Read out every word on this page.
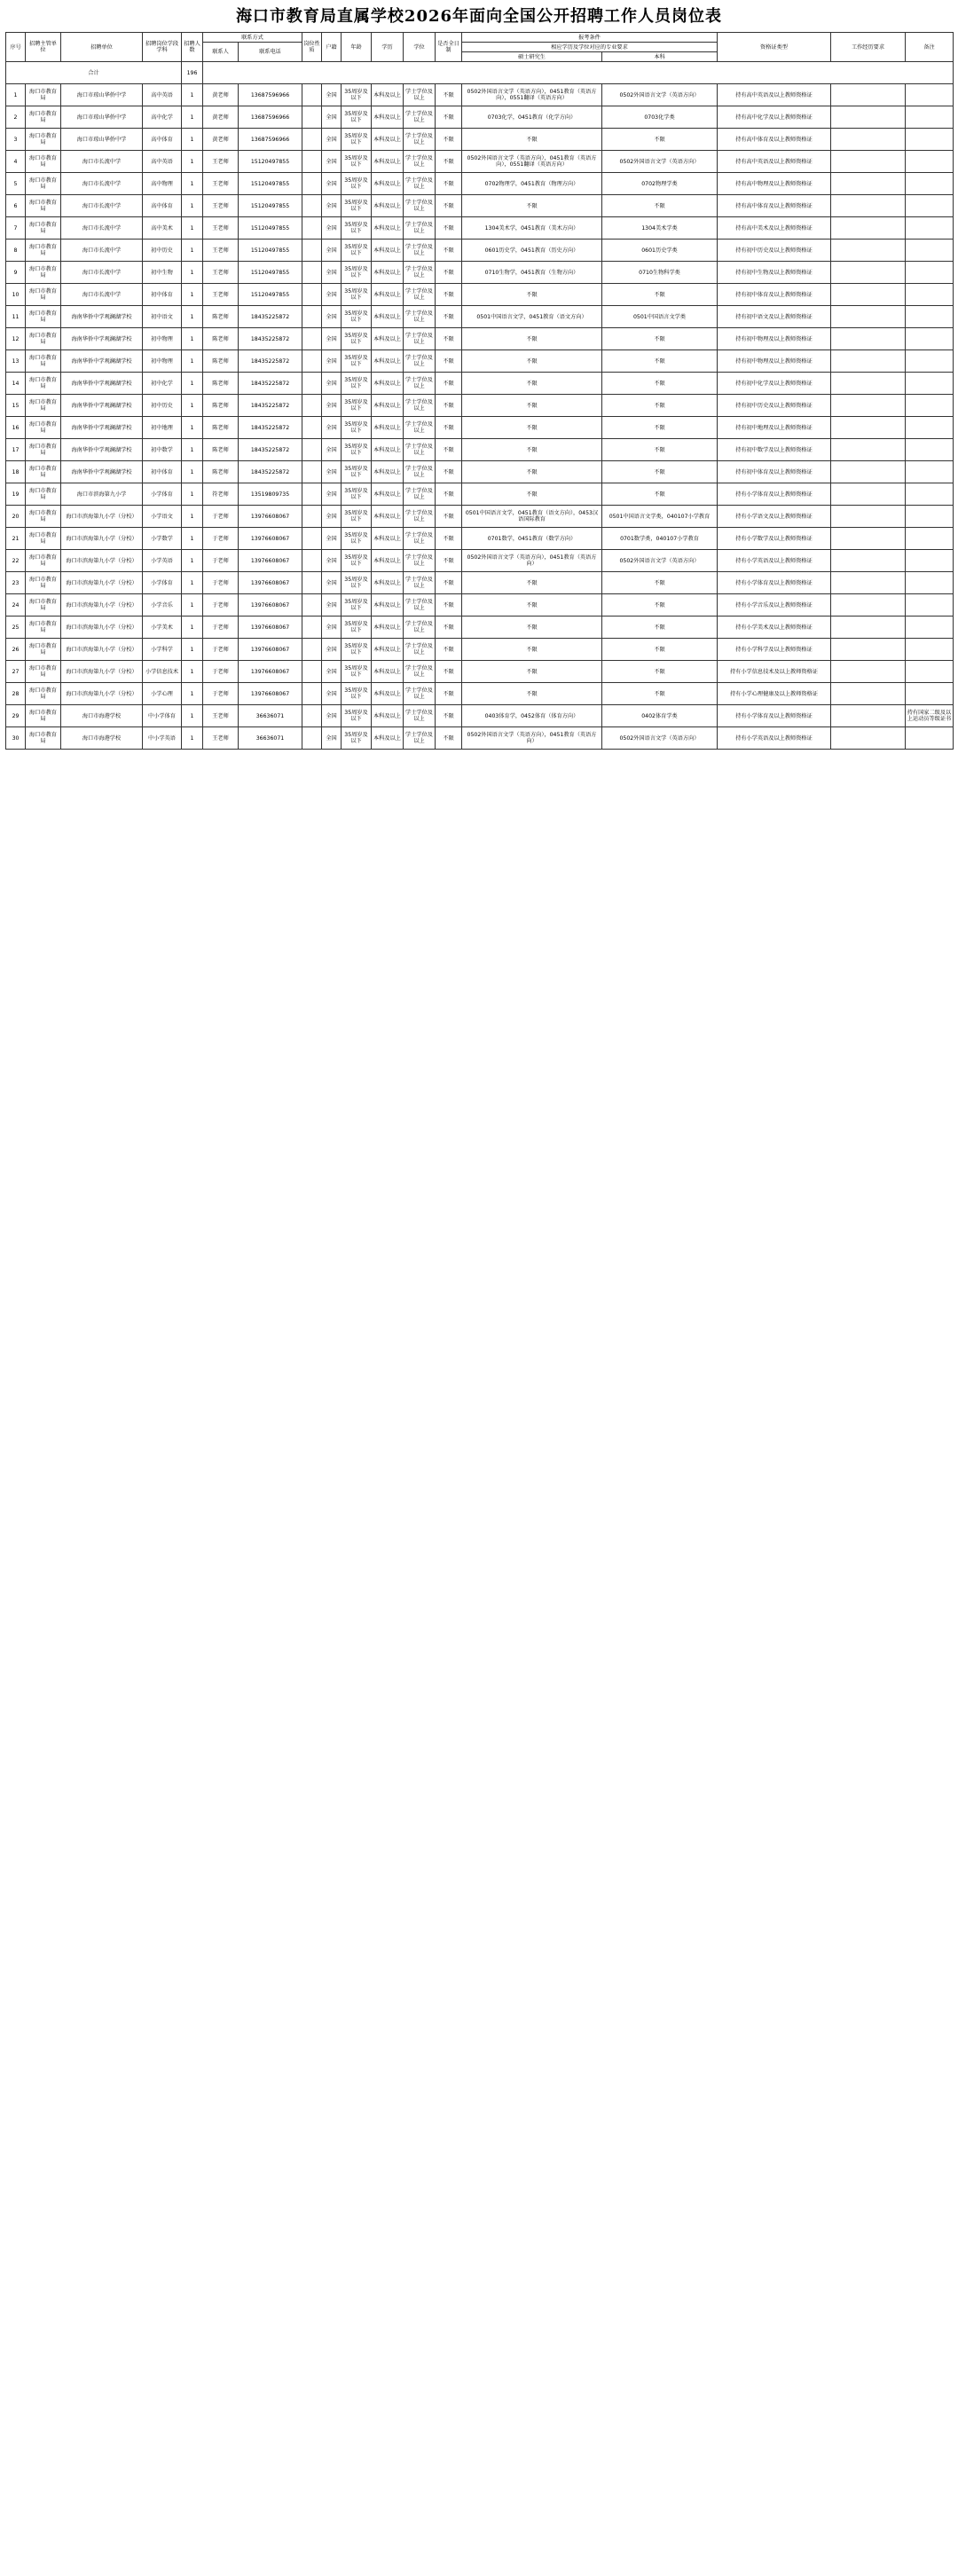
海口市教育局直属学校2026年面向全国公开招聘工作人员岗位表
序号	招聘主管单位	招聘单位	招聘岗位学段学科	招聘人数	联系方式		岗位性质	户籍	年龄	学历	学位	是否全日制	报考条件		资格证类型	工作经历要求	备注
					联系人	联系电话							相应学历及学位对应的专业要求				
													硕士研究生	本科			
合计				196													
1	海口市教育局	海口市琼山华侨中学	高中英语	1	黄老师	13687596966		全国	35周岁及以下	本科及以上	学士学位及以上	不限	0502外国语言文学（英语方向），0451教育（英语方向），0551翻译（英语方向）	0502外国语言文学（英语方向）	持有高中英语及以上教师资格证		
2	海口市教育局	海口市琼山华侨中学	高中化学	1	黄老师	13687596966		全国	35周岁及以下	本科及以上	学士学位及以上	不限	0703化学，0451教育（化学方向）	0703化学类	持有高中化学及以上教师资格证		
3	海口市教育局	海口市琼山华侨中学	高中体育	1	黄老师	13687596966		全国	35周岁及以下	本科及以上	学士学位及以上	不限	不限	不限	持有高中体育及以上教师资格证		
4	海口市教育局	海口市长流中学	高中英语	1	王老师	15120497855		全国	35周岁及以下	本科及以上	学士学位及以上	不限	0502外国语言文学（英语方向），0451教育（英语方向），0551翻译（英语方向）	0502外国语言文学（英语方向）	持有高中英语及以上教师资格证		
5	海口市教育局	海口市长流中学	高中物理	1	王老师	15120497855		全国	35周岁及以下	本科及以上	学士学位及以上	不限	0702物理学，0451教育（物理方向）	0702物理学类	持有高中物理及以上教师资格证		
6	海口市教育局	海口市长流中学	高中体育	1	王老师	15120497855		全国	35周岁及以下	本科及以上	学士学位及以上	不限	不限	不限	持有高中体育及以上教师资格证		
7	海口市教育局	海口市长流中学	高中美术	1	王老师	15120497855		全国	35周岁及以下	本科及以上	学士学位及以上	不限	1304美术学，0451教育（美术方向）	1304美术学类	持有高中美术及以上教师资格证		
8	海口市教育局	海口市长流中学	初中历史	1	王老师	15120497855		全国	35周岁及以下	本科及以上	学士学位及以上	不限	0601历史学，0451教育（历史方向）	0601历史学类	持有初中历史及以上教师资格证		
9	海口市教育局	海口市长流中学	初中生物	1	王老师	15120497855		全国	35周岁及以下	本科及以上	学士学位及以上	不限	0710生物学，0451教育（生物方向）	0710生物科学类	持有初中生物及以上教师资格证		
10	海口市教育局	海口市长流中学	初中体育	1	王老师	15120497855		全国	35周岁及以下	本科及以上	学士学位及以上	不限	不限	不限	持有初中体育及以上教师资格证		
11	海口市教育局	海南华侨中学观澜湖学校	初中语文	1	陈老师	18435225872		全国	35周岁及以下	本科及以上	学士学位及以上	不限	0501中国语言文学，0451教育（语文方向）	0501中国语言文学类	持有初中语文及以上教师资格证		
12	海口市教育局	海南华侨中学观澜湖学校	初中物理	1	陈老师	18435225872		全国	35周岁及以下	本科及以上	学士学位及以上	不限	不限	不限	持有初中物理及以上教师资格证		
13	海口市教育局	海南华侨中学观澜湖学校	初中物理	1	陈老师	18435225872		全国	35周岁及以下	本科及以上	学士学位及以上	不限	不限	不限	持有初中物理及以上教师资格证		
14	海口市教育局	海南华侨中学观澜湖学校	初中化学	1	陈老师	18435225872		全国	35周岁及以下	本科及以上	学士学位及以上	不限	不限	不限	持有初中化学及以上教师资格证		
15	海口市教育局	海南华侨中学观澜湖学校	初中历史	1	陈老师	18435225872		全国	35周岁及以下	本科及以上	学士学位及以上	不限	不限	不限	持有初中历史及以上教师资格证		
16	海口市教育局	海南华侨中学观澜湖学校	初中地理	1	陈老师	18435225872		全国	35周岁及以下	本科及以上	学士学位及以上	不限	不限	不限	持有初中地理及以上教师资格证		
17	海口市教育局	海南华侨中学观澜湖学校	初中数学	1	陈老师	18435225872		全国	35周岁及以下	本科及以上	学士学位及以上	不限	不限	不限	持有初中数学及以上教师资格证		
18	海口市教育局	海南华侨中学观澜湖学校	初中体育	1	陈老师	18435225872		全国	35周岁及以下	本科及以上	学士学位及以上	不限	不限	不限	持有初中体育及以上教师资格证		
19	海口市教育局	海口市滨海第九小学	小学体育	1	符老师	13519809735		全国	35周岁及以下	本科及以上	学士学位及以上	不限	不限	不限	持有小学体育及以上教师资格证		
20	海口市教育局	海口市滨海第九小学（分校）	小学语文	1	于老师	13976608067		全国	35周岁及以下	本科及以上	学士学位及以上	不限	0501中国语言文学，0451教育（语文方向），0453汉语国际教育	0501中国语言文学类，040107小学教育	持有小学语文及以上教师资格证		
21	海口市教育局	海口市滨海第九小学（分校）	小学数学	1	于老师	13976608067		全国	35周岁及以下	本科及以上	学士学位及以上	不限	0701数学，0451教育（数学方向）	0701数学类，040107小学教育	持有小学数学及以上教师资格证		
22	海口市教育局	海口市滨海第九小学（分校）	小学英语	1	于老师	13976608067		全国	35周岁及以下	本科及以上	学士学位及以上	不限	0502外国语言文学（英语方向），0451教育（英语方向）	0502外国语言文学（英语方向）	持有小学英语及以上教师资格证		
23	海口市教育局	海口市滨海第九小学（分校）	小学体育	1	于老师	13976608067		全国	35周岁及以下	本科及以上	学士学位及以上	不限	不限	不限	持有小学体育及以上教师资格证		
24	海口市教育局	海口市滨海第九小学（分校）	小学音乐	1	于老师	13976608067		全国	35周岁及以下	本科及以上	学士学位及以上	不限	不限	不限	持有小学音乐及以上教师资格证		
25	海口市教育局	海口市滨海第九小学（分校）	小学美术	1	于老师	13976608067		全国	35周岁及以下	本科及以上	学士学位及以上	不限	不限	不限	持有小学美术及以上教师资格证		
26	海口市教育局	海口市滨海第九小学（分校）	小学科学	1	于老师	13976608067		全国	35周岁及以下	本科及以上	学士学位及以上	不限	不限	不限	持有小学科学及以上教师资格证		
27	海口市教育局	海口市滨海第九小学（分校）	小学信息技术	1	于老师	13976608067		全国	35周岁及以下	本科及以上	学士学位及以上	不限	不限	不限	持有小学信息技术及以上教师资格证		
28	海口市教育局	海口市滨海第九小学（分校）	小学心理	1	于老师	13976608067		全国	35周岁及以下	本科及以上	学士学位及以上	不限	不限	不限	持有小学心理健康及以上教师资格证		
29	海口市教育局	海口市海港学校	中小学体育	1	王老师	36636071		全国	35周岁及以下	本科及以上	学士学位及以上	不限	0403体育学，0452体育（体育方向）	0402体育学类	持有小学体育及以上教师资格证		持有国家二级及以上运动员等级证书
30	海口市教育局	海口市海港学校	中小学英语	1	王老师	36636071		全国	35周岁及以下	本科及以上	学士学位及以上	不限	0502外国语言文学（英语方向），0451教育（英语方向）	0502外国语言文学（英语方向）	持有小学英语及以上教师资格证		
